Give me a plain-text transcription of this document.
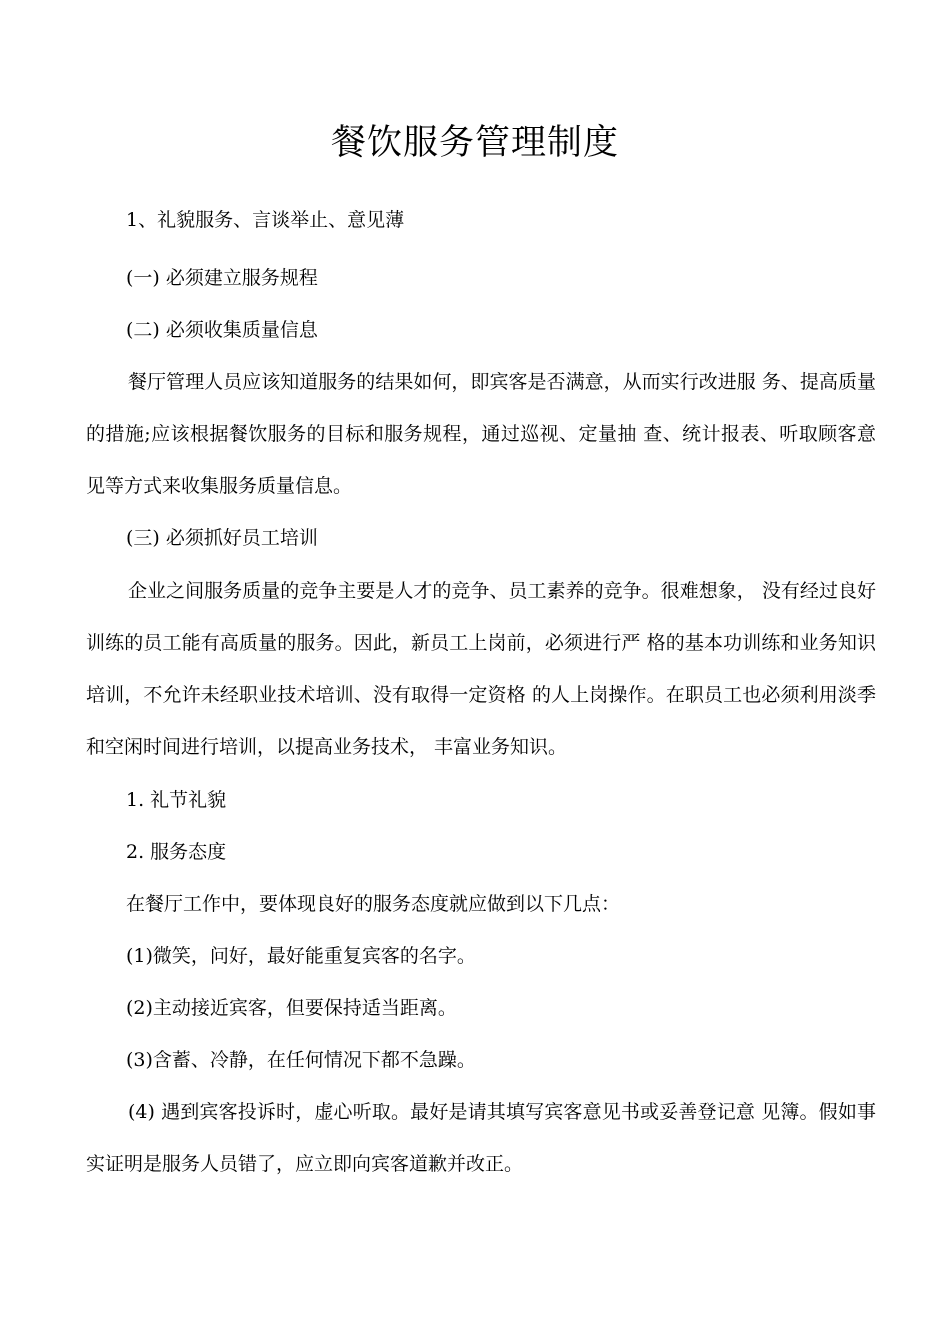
餐饮服务管理制度

1、礼貌服务、言谈举止、意见薄

(一) 必须建立服务规程

(二) 必须收集质量信息

餐厅管理人员应该知道服务的结果如何，即宾客是否满意，从而实行改进服 务、提高质量的措施;应该根据餐饮服务的目标和服务规程，通过巡视、定量抽 查、统计报表、听取顾客意见等方式来收集服务质量信息。

(三) 必须抓好员工培训

企业之间服务质量的竞争主要是人才的竞争、员工素养的竞争。很难想象， 没有经过良好训练的员工能有高质量的服务。因此，新员工上岗前，必须进行严 格的基本功训练和业务知识培训，不允许未经职业技术培训、没有取得一定资格 的人上岗操作。在职员工也必须利用淡季和空闲时间进行培训，以提高业务技术， 丰富业务知识。

1. 礼节礼貌

2. 服务态度

在餐厅工作中，要体现良好的服务态度就应做到以下几点：

(1)微笑，问好，最好能重复宾客的名字。

(2)主动接近宾客，但要保持适当距离。

(3)含蓄、冷静，在任何情况下都不急躁。

(4) 遇到宾客投诉时，虚心听取。最好是请其填写宾客意见书或妥善登记意 见簿。假如事实证明是服务人员错了，应立即向宾客道歉并改正。
